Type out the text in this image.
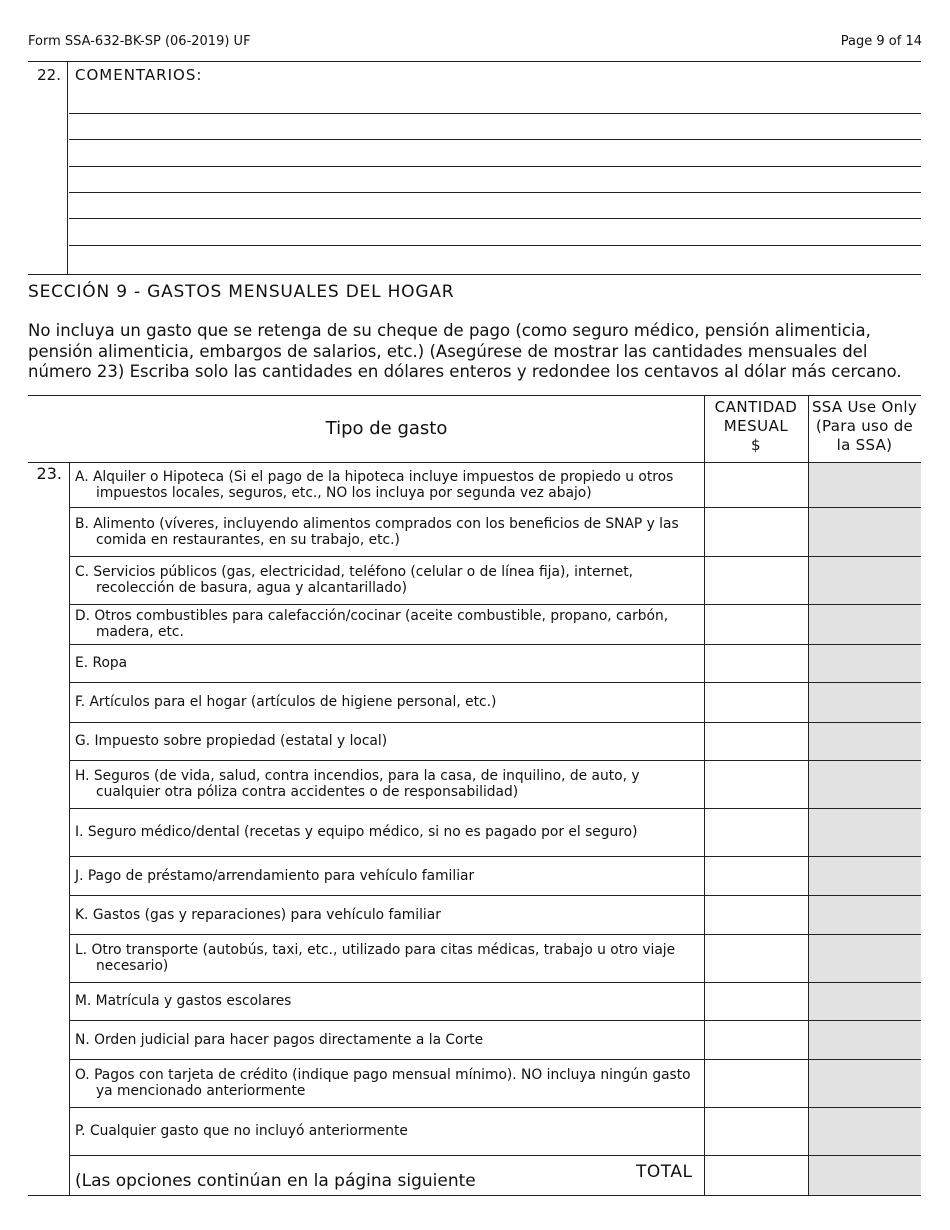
Form SSA-632-BK-SP (06-2019) UF	Page 9 of 14
22. COMENTARIOS:
SECCIÓN 9 - GASTOS MENSUALES DEL HOGAR
No incluya un gasto que se retenga de su cheque de pago (como seguro médico, pensión alimenticia, pensión alimenticia, embargos de salarios, etc.) (Asegúrese de mostrar las cantidades mensuales del número 23) Escriba solo las cantidades en dólares enteros y redondee los centavos al dólar más cercano.
Tipo de gasto
CANTIDAD
MESUAL
$
SSA Use Only
(Para uso de
la SSA)
23.
(Las opciones continúan en la página siguiente	TOTAL
A. Alquiler o Hipoteca (Si el pago de la hipoteca incluye impuestos de propiedo u otros
impuestos locales, seguros, etc., NO los incluya por segunda vez abajo)
B. Alimento (víveres, incluyendo alimentos comprados con los beneficios de SNAP y las
comida en restaurantes, en su trabajo, etc.)
C. Servicios públicos (gas, electricidad, teléfono (celular o de línea fija), internet,
recolección de basura, agua y alcantarillado)
D. Otros combustibles para calefacción/cocinar (aceite combustible, propano, carbón,
madera, etc.
E. Ropa
F. Artículos para el hogar (artículos de higiene personal, etc.)
G. Impuesto sobre propiedad (estatal y local)
H. Seguros (de vida, salud, contra incendios, para la casa, de inquilino, de auto, y
cualquier otra póliza contra accidentes o de responsabilidad)
I. Seguro médico/dental (recetas y equipo médico, si no es pagado por el seguro)
J. Pago de préstamo/arrendamiento para vehículo familiar
K. Gastos (gas y reparaciones) para vehículo familiar
L. Otro transporte (autobús, taxi, etc., utilizado para citas médicas, trabajo u otro viaje
necesario)
M. Matrícula y gastos escolares
N. Orden judicial para hacer pagos directamente a la Corte
O. Pagos con tarjeta de crédito (indique pago mensual mínimo). NO incluya ningún gasto
ya mencionado anteriormente
P. Cualquier gasto que no incluyó anteriormente
